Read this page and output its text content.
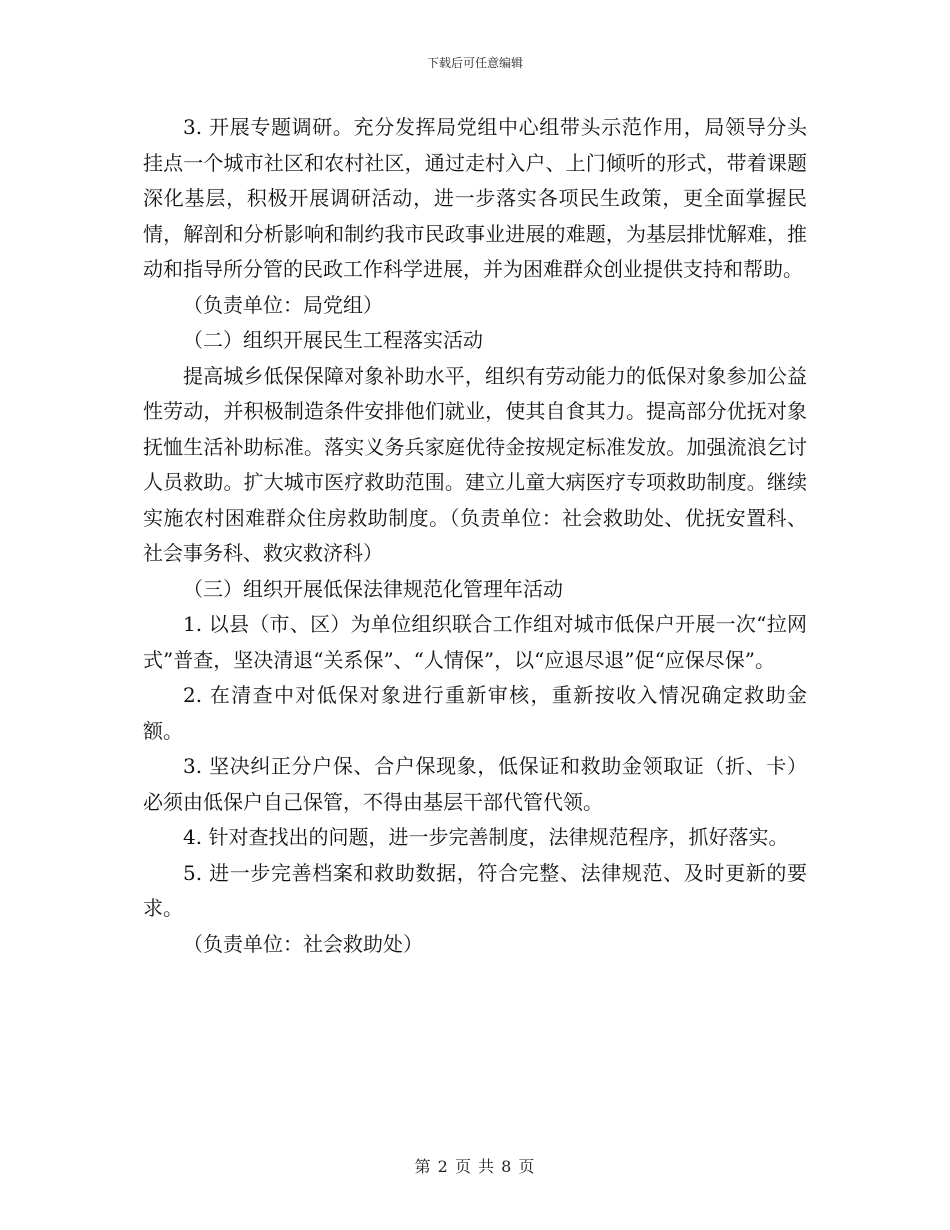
下载后可任意编辑

3. 开展专题调研。充分发挥局党组中心组带头示范作用，局领导分头挂点一个城市社区和农村社区，通过走村入户、上门倾听的形式，带着课题深化基层，积极开展调研活动，进一步落实各项民生政策，更全面掌握民情，解剖和分析影响和制约我市民政事业进展的难题，为基层排忧解难，推动和指导所分管的民政工作科学进展，并为困难群众创业提供支持和帮助。

（负责单位：局党组）

（二）组织开展民生工程落实活动

提高城乡低保保障对象补助水平，组织有劳动能力的低保对象参加公益性劳动，并积极制造条件安排他们就业，使其自食其力。提高部分优抚对象抚恤生活补助标准。落实义务兵家庭优待金按规定标准发放。加强流浪乞讨人员救助。扩大城市医疗救助范围。建立儿童大病医疗专项救助制度。继续实施农村困难群众住房救助制度。（负责单位：社会救助处、优抚安置科、社会事务科、救灾救济科）

（三）组织开展低保法律规范化管理年活动

1. 以县（市、区）为单位组织联合工作组对城市低保户开展一次“拉网式”普查，坚决清退“关系保”、“人情保”，以“应退尽退”促“应保尽保”。

2. 在清查中对低保对象进行重新审核，重新按收入情况确定救助金额。

3. 坚决纠正分户保、合户保现象，低保证和救助金领取证（折、卡）必须由低保户自己保管，不得由基层干部代管代领。

4. 针对查找出的问题，进一步完善制度，法律规范程序，抓好落实。

5. 进一步完善档案和救助数据，符合完整、法律规范、及时更新的要求。

（负责单位：社会救助处）

第 2 页 共 8 页
